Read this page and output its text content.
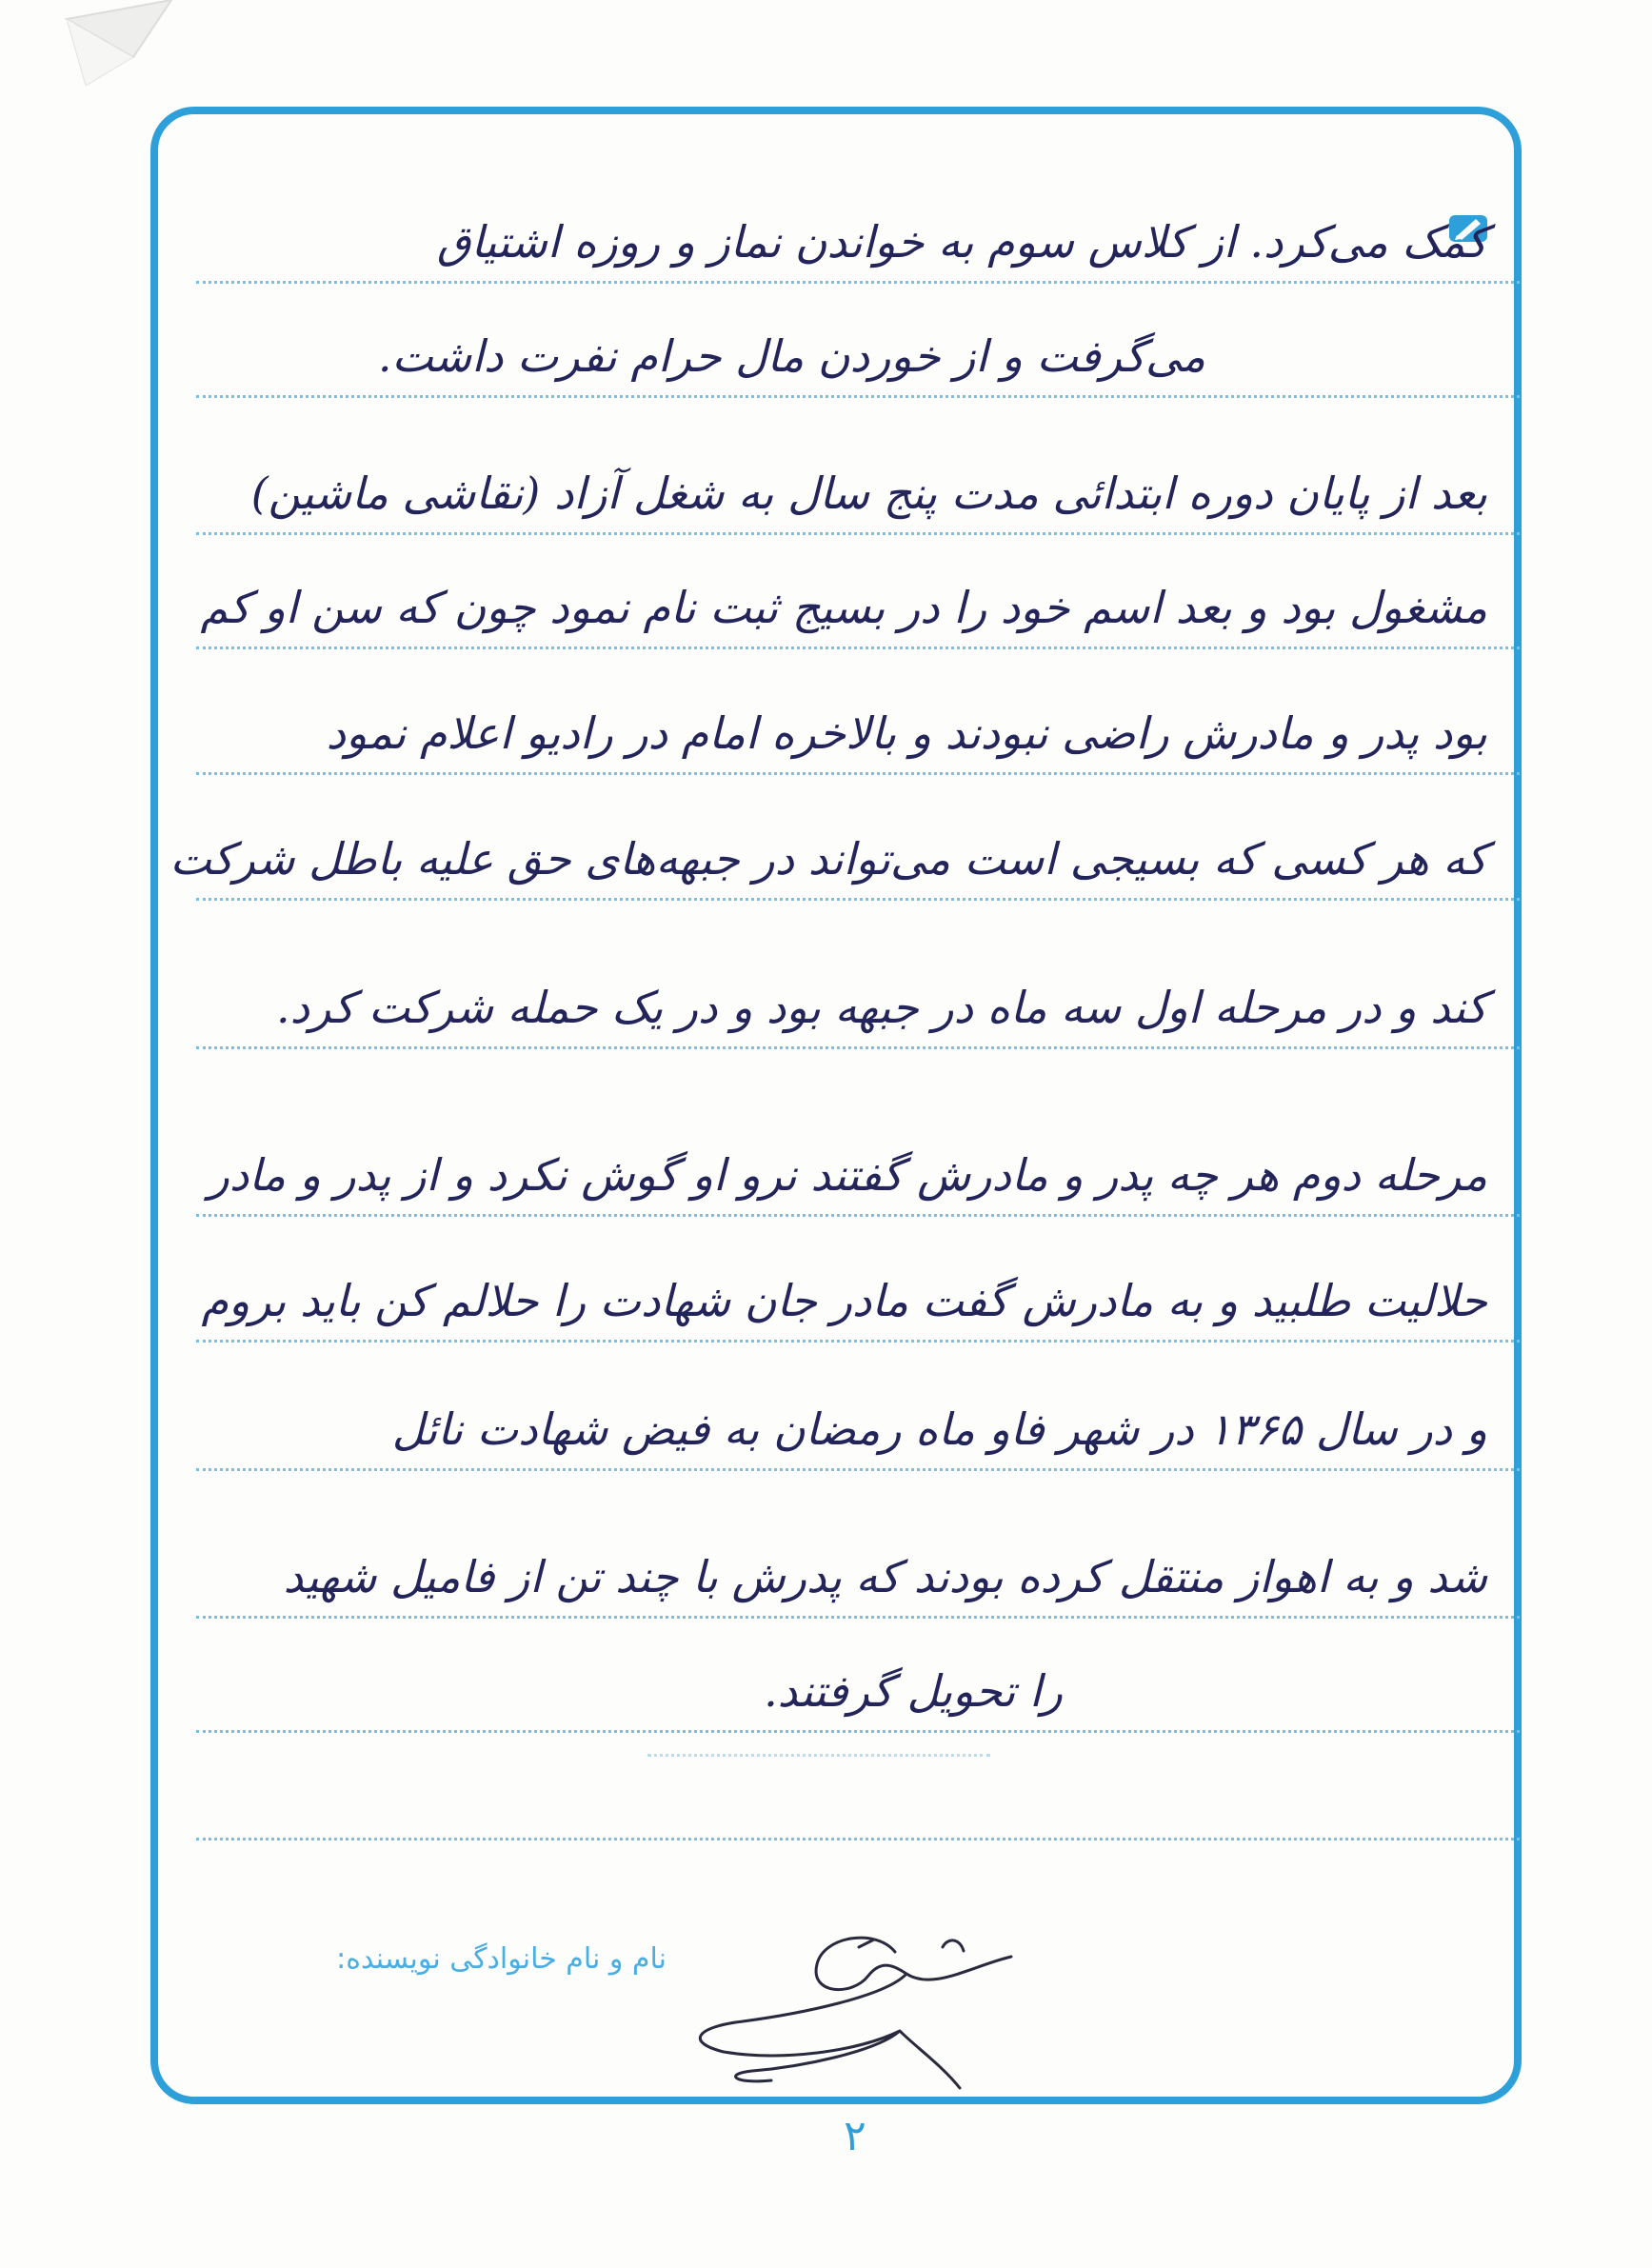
کمک می‌کرد. از کلاس سوم به خواندن نماز و روزه اشتیاق
می‌گرفت و از خوردن مال حرام نفرت داشت.
بعد از پایان دوره ابتدائی مدت پنج سال به شغل آزاد (نقاشی ماشین)
مشغول بود و بعد اسم خود را در بسیج ثبت نام نمود چون که سن او کم
بود پدر و مادرش راضی نبودند و بالاخره امام در رادیو اعلام نمود
که هر کسی که بسیجی است می‌تواند در جبهه‌های حق علیه باطل شرکت
کند و در مرحله اول سه ماه در جبهه بود و در یک حمله شرکت کرد.
مرحله دوم هر چه پدر و مادرش گفتند نرو او گوش نکرد و از پدر و مادر
حلالیت طلبید و به مادرش گفت مادر جان شهادت را حلالم کن باید بروم
و در سال ۱۳۶۵ در شهر فاو ماه رمضان به فیض شهادت نائل
شد و به اهواز منتقل کرده بودند که پدرش با چند تن از فامیل شهید
را تحویل گرفتند.
نام و نام خانوادگی نویسنده:
۲
